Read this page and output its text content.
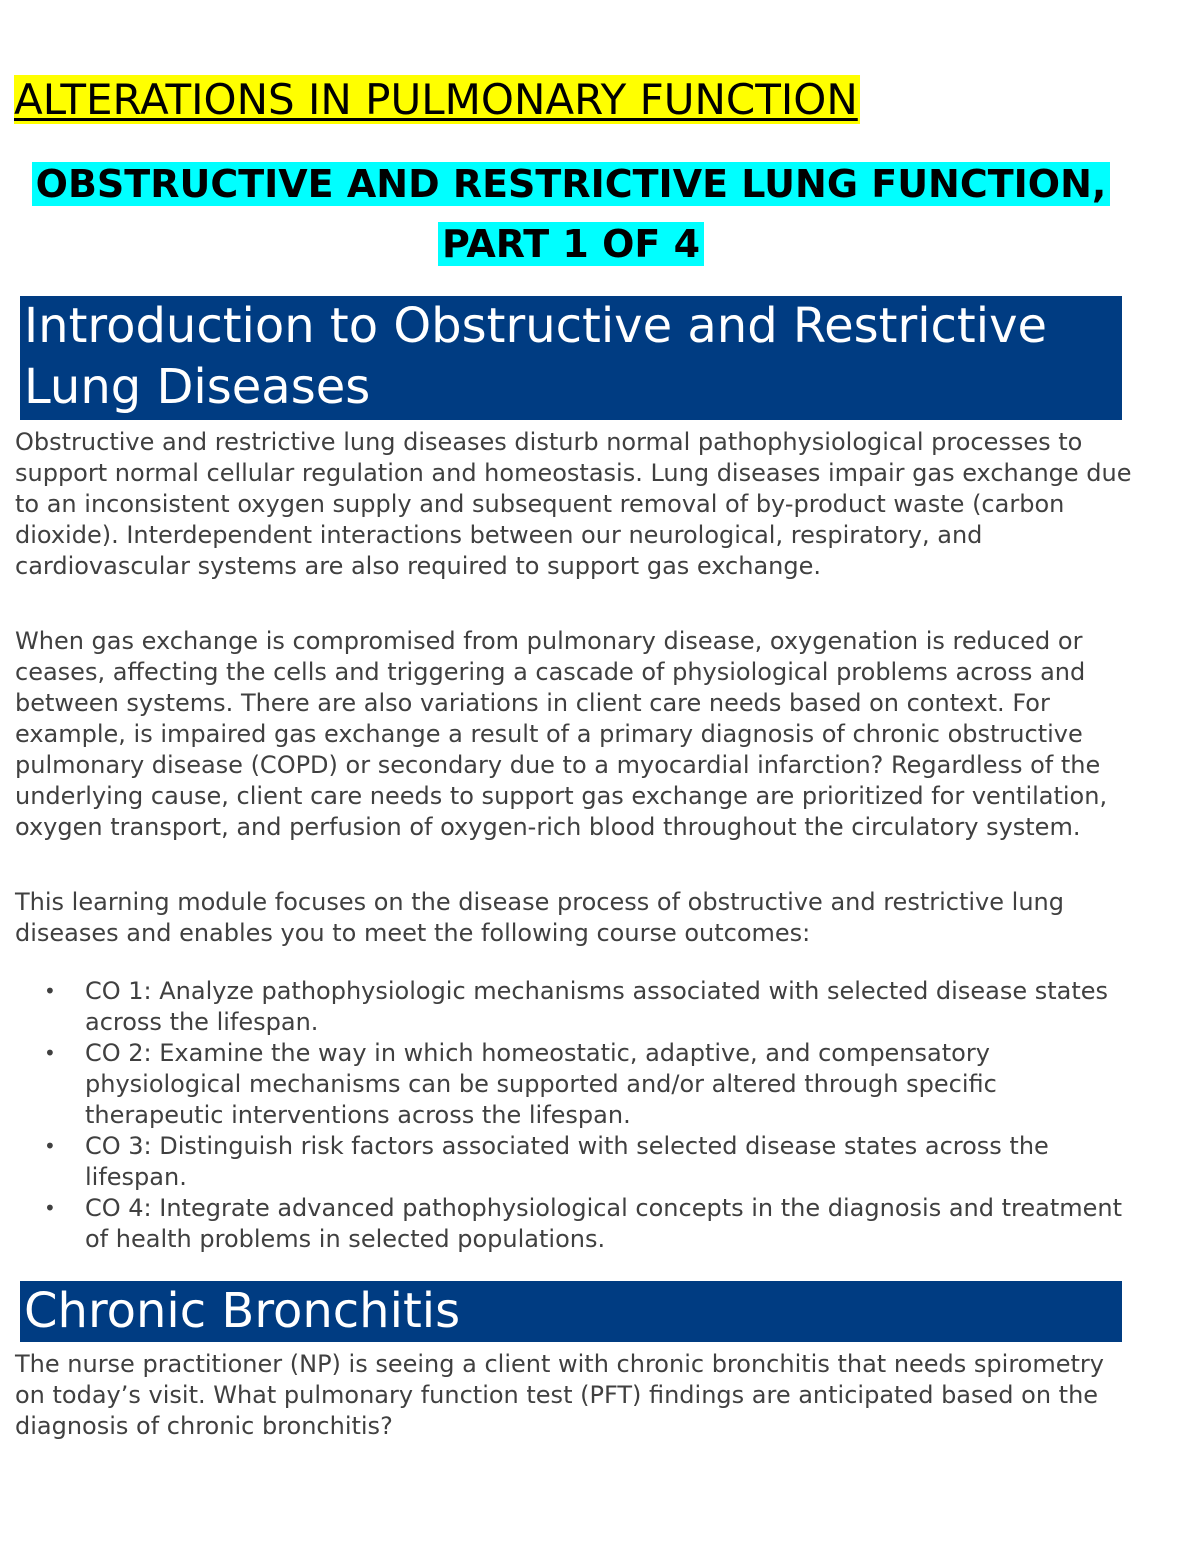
ALTERATIONS IN PULMONARY FUNCTION
OBSTRUCTIVE AND RESTRICTIVE LUNG FUNCTION, PART 1 OF 4
Introduction to Obstructive and Restrictive Lung Diseases

Obstructive and restrictive lung diseases disturb normal pathophysiological processes to support normal cellular regulation and homeostasis. Lung diseases impair gas exchange due to an inconsistent oxygen supply and subsequent removal of by-product waste (carbon dioxide). Interdependent interactions between our neurological, respiratory, and cardiovascular systems are also required to support gas exchange.

When gas exchange is compromised from pulmonary disease, oxygenation is reduced or ceases, affecting the cells and triggering a cascade of physiological problems across and between systems. There are also variations in client care needs based on context. For example, is impaired gas exchange a result of a primary diagnosis of chronic obstructive pulmonary disease (COPD) or secondary due to a myocardial infarction? Regardless of the underlying cause, client care needs to support gas exchange are prioritized for ventilation, oxygen transport, and perfusion of oxygen-rich blood throughout the circulatory system.

This learning module focuses on the disease process of obstructive and restrictive lung diseases and enables you to meet the following course outcomes:

• CO 1: Analyze pathophysiologic mechanisms associated with selected disease states across the lifespan.
• CO 2: Examine the way in which homeostatic, adaptive, and compensatory physiological mechanisms can be supported and/or altered through specific therapeutic interventions across the lifespan.
• CO 3: Distinguish risk factors associated with selected disease states across the lifespan.
• CO 4: Integrate advanced pathophysiological concepts in the diagnosis and treatment of health problems in selected populations.
Chronic Bronchitis

The nurse practitioner (NP) is seeing a client with chronic bronchitis that needs spirometry on today’s visit. What pulmonary function test (PFT) findings are anticipated based on the diagnosis of chronic bronchitis?
